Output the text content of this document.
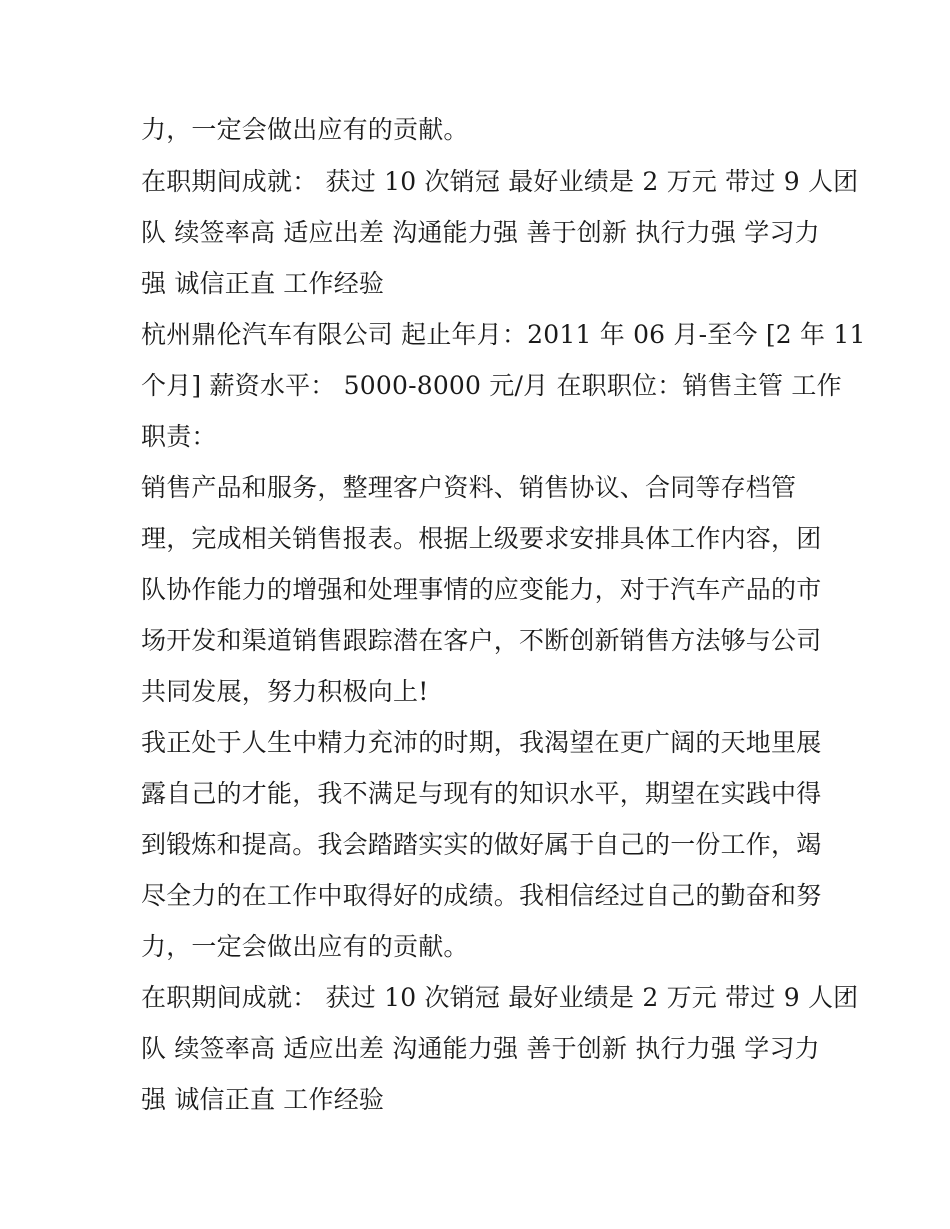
力，一定会做出应有的贡献。
在职期间成就： 获过 10 次销冠 最好业绩是 2 万元 带过 9 人团
队 续签率高 适应出差 沟通能力强 善于创新 执行力强 学习力
强 诚信正直 工作经验
杭州鼎伦汽车有限公司 起止年月：2011 年 06 月-至今 [2 年 11
个月] 薪资水平： 5000-8000 元/月 在职职位：销售主管 工作
职责：
销售产品和服务，整理客户资料、销售协议、合同等存档管
理，完成相关销售报表。根据上级要求安排具体工作内容，团
队协作能力的增强和处理事情的应变能力，对于汽车产品的市
场开发和渠道销售跟踪潜在客户，不断创新销售方法够与公司
共同发展，努力积极向上!
我正处于人生中精力充沛的时期，我渴望在更广阔的天地里展
露自己的才能，我不满足与现有的知识水平，期望在实践中得
到锻炼和提高。我会踏踏实实的做好属于自己的一份工作，竭
尽全力的在工作中取得好的成绩。我相信经过自己的勤奋和努
力，一定会做出应有的贡献。
在职期间成就： 获过 10 次销冠 最好业绩是 2 万元 带过 9 人团
队 续签率高 适应出差 沟通能力强 善于创新 执行力强 学习力
强 诚信正直 工作经验
